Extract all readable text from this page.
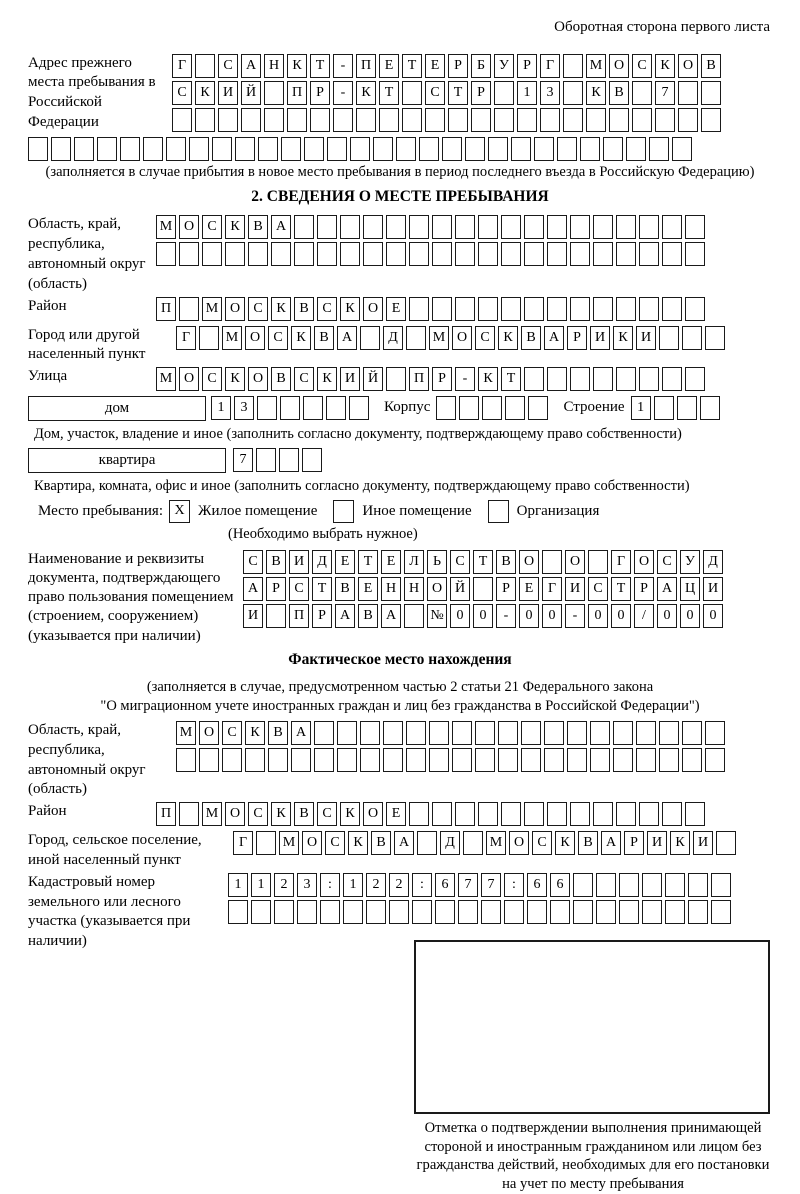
Оборотная сторона первого листа
Адрес прежнего места пребывания в Российской Федерации
Г	С А Н К	Т	-	П Е	Т	Е	Р	Б	У	Р	Г	М О С К О В
С К И Й	П	Р	-	К	Т	С	Т	Р	1	3	К В	7
(заполняется в случае прибытия в новое место пребывания в период последнего въезда в Российскую Федерацию)
2. СВЕДЕНИЯ О МЕСТЕ ПРЕБЫВАНИЯ
Область, край, республика, автономный округ (область)
М О С К В А
Район	П	М О С К В С К О Е
Город или другой населенный пункт
Г	М О С К В А	Д	М О С К В А	Р	И К И
Улица	М О С К О В С К И Й	П	Р	-	К	Т
дом	1	3	Корпус	Строение 1
Дом, участок, владение и иное (заполнить согласно документу, подтверждающему право собственности)
квартира	7
Квартира, комната, офис и иное (заполнить согласно документу, подтверждающему право собственности)
Место пребывания: X Жилое помещение	Иное помещение	Организация
(Необходимо выбрать нужное)
Наименование и реквизиты документа, подтверждающего право пользования помещением (строением, сооружением) (указывается при наличии)
С В И Д Е	Т	Е Л	Ь	С	Т	В О	О	Г О С У Д
А	Р	С	Т	В	Е Н Н О Й	Р	Е	Г И С	Т	Р	А Ц И
И	П	Р	А В А	№ 0	0	-	0	0	-	0	0	/	0	0	0
Фактическое место нахождения
(заполняется в случае, предусмотренном частью 2 статьи 21 Федерального закона
"О миграционном учете иностранных граждан и лиц без гражданства в Российской Федерации")
Область, край, республика, автономный округ (область)
М О С К В А
Район	П	М О С К В С К О Е
Город, сельское поселение, иной населенный пункт
Г	М О С К В А	Д	М О С К В А	Р	И К И
Кадастровый номер земельного или лесного участка (указывается при наличии)
1	1	2	3	:	1	2	2	:	6	7	7	:	6	6
Отметка о подтверждении выполнения принимающей стороной и иностранным гражданином или лицом без гражданства действий, необходимых для его постановки на учет по месту пребывания
